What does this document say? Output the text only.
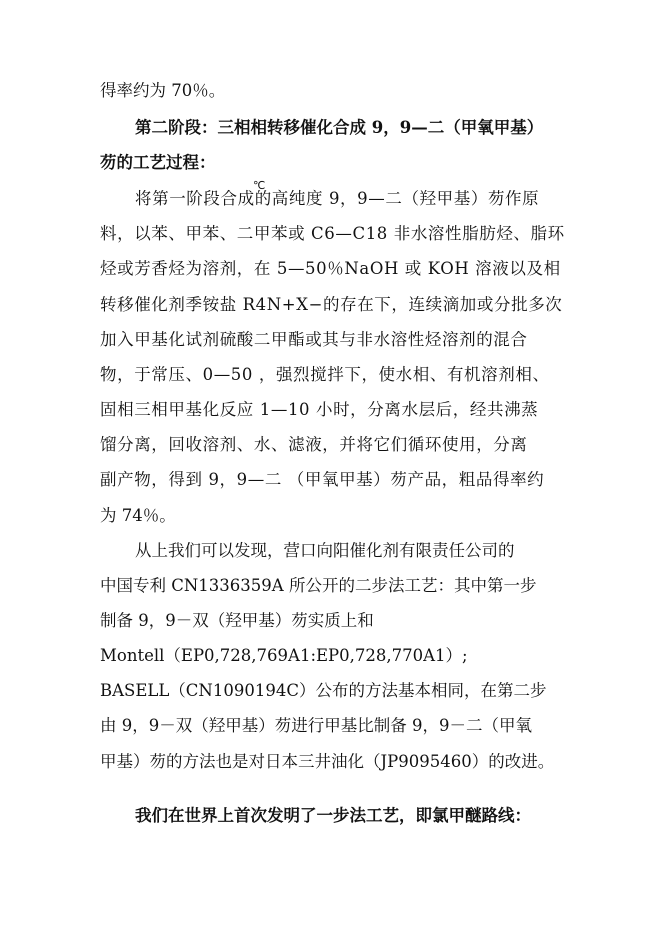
得率约为 70％。
第二阶段：三相相转移催化合成 9，9—二（甲氧甲基）
芴的工艺过程：
将第一阶段合成的高纯度 9，9—二（羟甲基）芴作原
℃
料，以苯、甲苯、二甲苯或 C6—C18 非水溶性脂肪烃、脂环
烃或芳香烃为溶剂，在 5—50％NaOH 或 KOH 溶液以及相
转移催化剂季铵盐 R4N+X−的存在下，连续滴加或分批多次
加入甲基化试剂硫酸二甲酯或其与非水溶性烃溶剂的混合
物，于常压、0—50 ，强烈搅拌下，使水相、有机溶剂相、
固相三相甲基化反应 1—10 小时，分离水层后，经共沸蒸
馏分离，回收溶剂、水、滤液，并将它们循环使用，分离
副产物，得到 9，9—二 （甲氧甲基）芴产品，粗品得率约
为 74％。
从上我们可以发现，营口向阳催化剂有限责任公司的
中国专利 CN1336359A 所公开的二步法工艺：其中第一步
制备 9，9－双（羟甲基）芴实质上和
Montell（EP0,728,769A1:EP0,728,770A1）;
BASELL（CN1090194C）公布的方法基本相同，在第二步
由 9，9－双（羟甲基）芴进行甲基比制备 9，9－二（甲氧
甲基）芴的方法也是对日本三井油化（JP9095460）的改进。
我们在世界上首次发明了一步法工艺，即氯甲醚路线：
